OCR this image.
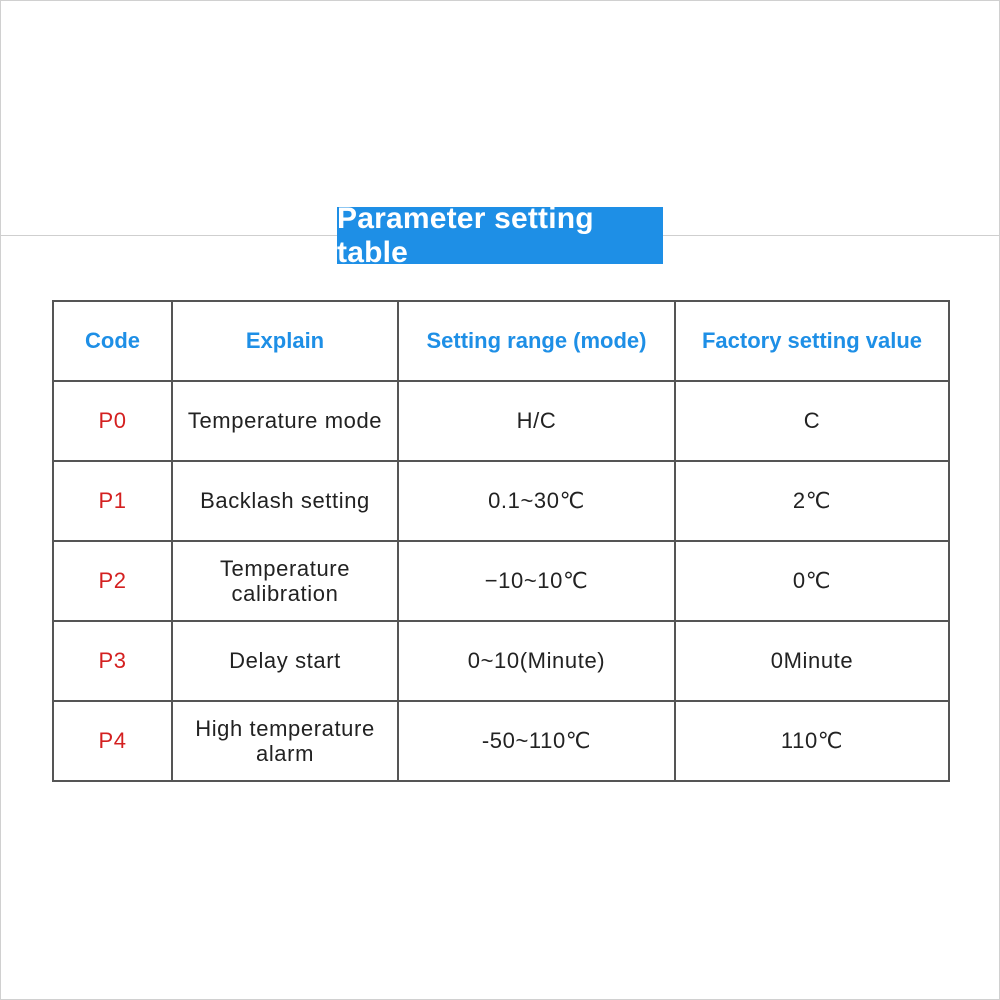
Parameter setting table
Code	Explain	Setting range (mode)	Factory setting value
P0	Temperature mode	H/C	C
P1	Backlash setting	0.1~30℃	2℃
P2	Temperature calibration	−10~10℃	0℃
P3	Delay start	0~10(Minute)	0Minute
P4	High temperature alarm	-50~110℃	110℃
